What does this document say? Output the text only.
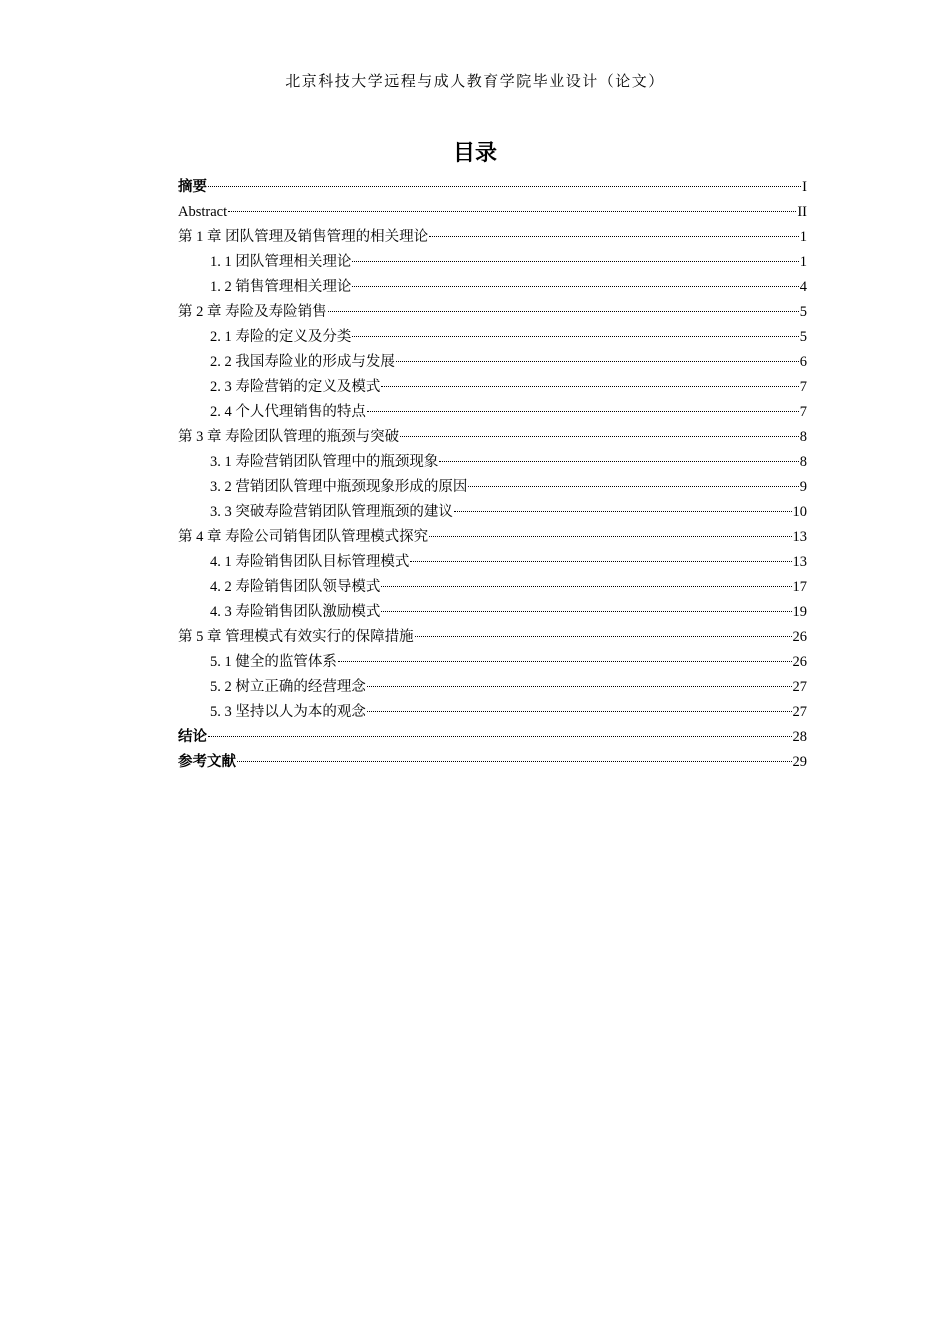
北京科技大学远程与成人教育学院毕业设计（论文）
目录
摘要	I
Abstract	II
第 1 章 团队管理及销售管理的相关理论	1
1. 1 团队管理相关理论	1
1. 2 销售管理相关理论	4
第 2 章 寿险及寿险销售	5
2. 1 寿险的定义及分类	5
2. 2 我国寿险业的形成与发展	6
2. 3 寿险营销的定义及模式	7
2. 4 个人代理销售的特点	7
第 3 章 寿险团队管理的瓶颈与突破	8
3. 1 寿险营销团队管理中的瓶颈现象	8
3. 2 营销团队管理中瓶颈现象形成的原因	9
3. 3 突破寿险营销团队管理瓶颈的建议	10
第 4 章 寿险公司销售团队管理模式探究	13
4. 1 寿险销售团队目标管理模式	13
4. 2 寿险销售团队领导模式	17
4. 3 寿险销售团队激励模式	19
第 5 章 管理模式有效实行的保障措施	26
5. 1 健全的监管体系	26
5. 2 树立正确的经营理念	27
5. 3 坚持以人为本的观念	27
结论	28
参考文献	29
